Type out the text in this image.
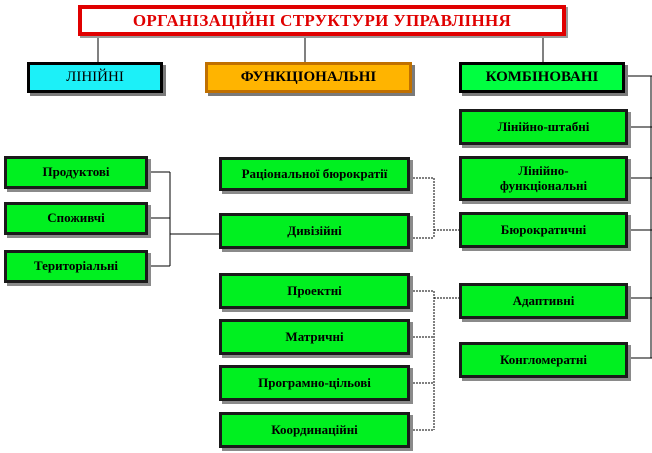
ОРГАНІЗАЦІЙНІ СТРУКТУРИ УПРАВЛІННЯ
ЛІНІЙНІ	ФУНКЦІОНАЛЬНІ	КОМБІНОВАНІ
Продуктові
Споживчі
Територіальні
Раціональної бюрократії
Дивізійні
Проектні
Матричні
Програмно-цільові
Координаційні
Лінійно-штабні
Лінійно-функціональні
Бюрократичні
Адаптивні
Конгломератні
